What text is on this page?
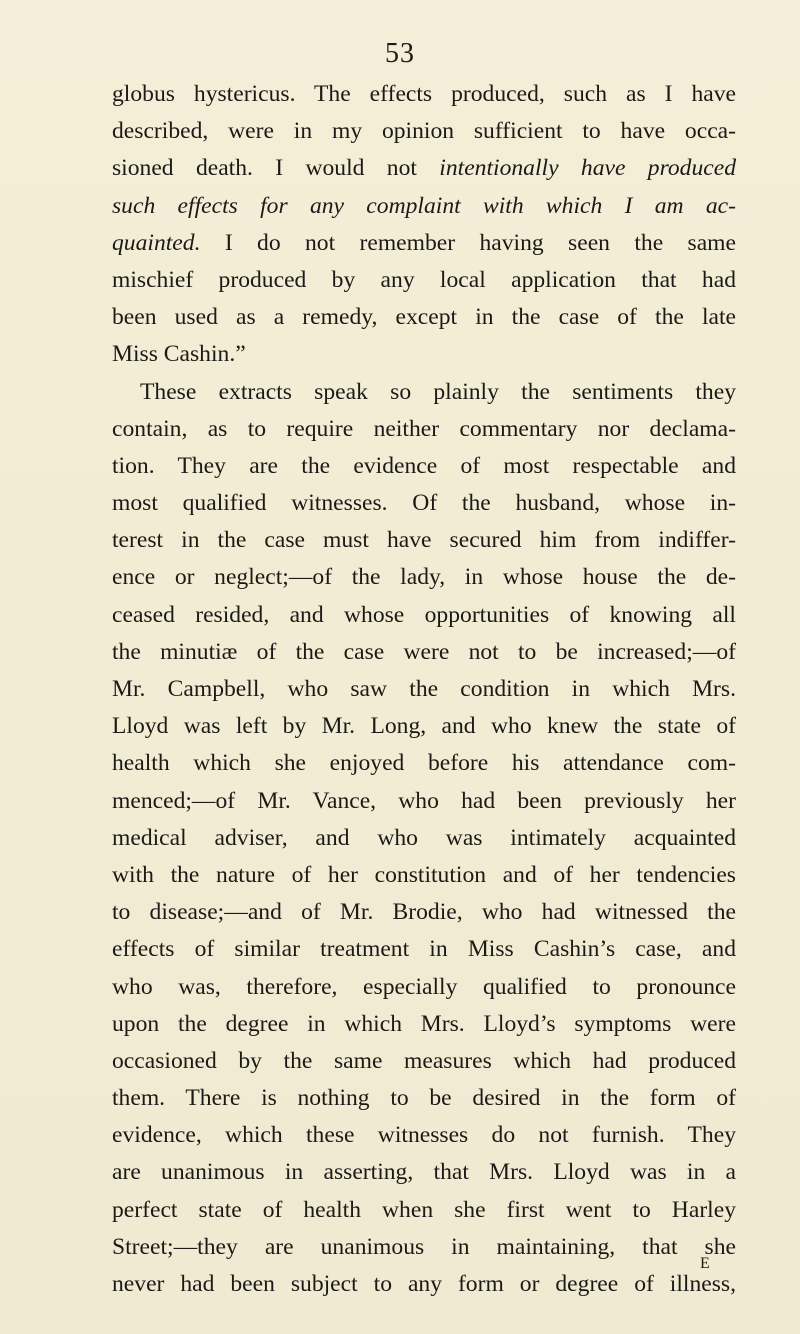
53
globus hystericus. The effects produced, such as I have
described, were in my opinion sufficient to have occa-
sioned death. I would not intentionally have produced
such effects for any complaint with which I am ac-
quainted. I do not remember having seen the same
mischief produced by any local application that had
been used as a remedy, except in the case of the late
Miss Cashin.”
These extracts speak so plainly the sentiments they
contain, as to require neither commentary nor declama-
tion. They are the evidence of most respectable and
most qualified witnesses. Of the husband, whose in-
terest in the case must have secured him from indiffer-
ence or neglect;—of the lady, in whose house the de-
ceased resided, and whose opportunities of knowing all
the minutiæ of the case were not to be increased;—of
Mr. Campbell, who saw the condition in which Mrs.
Lloyd was left by Mr. Long, and who knew the state of
health which she enjoyed before his attendance com-
menced;—of Mr. Vance, who had been previously her
medical adviser, and who was intimately acquainted
with the nature of her constitution and of her tendencies
to disease;—and of Mr. Brodie, who had witnessed the
effects of similar treatment in Miss Cashin’s case, and
who was, therefore, especially qualified to pronounce
upon the degree in which Mrs. Lloyd’s symptoms were
occasioned by the same measures which had produced
them. There is nothing to be desired in the form of
evidence, which these witnesses do not furnish. They
are unanimous in asserting, that Mrs. Lloyd was in a
perfect state of health when she first went to Harley
Street;—they are unanimous in maintaining, that she
never had been subject to any form or degree of illness,
E
